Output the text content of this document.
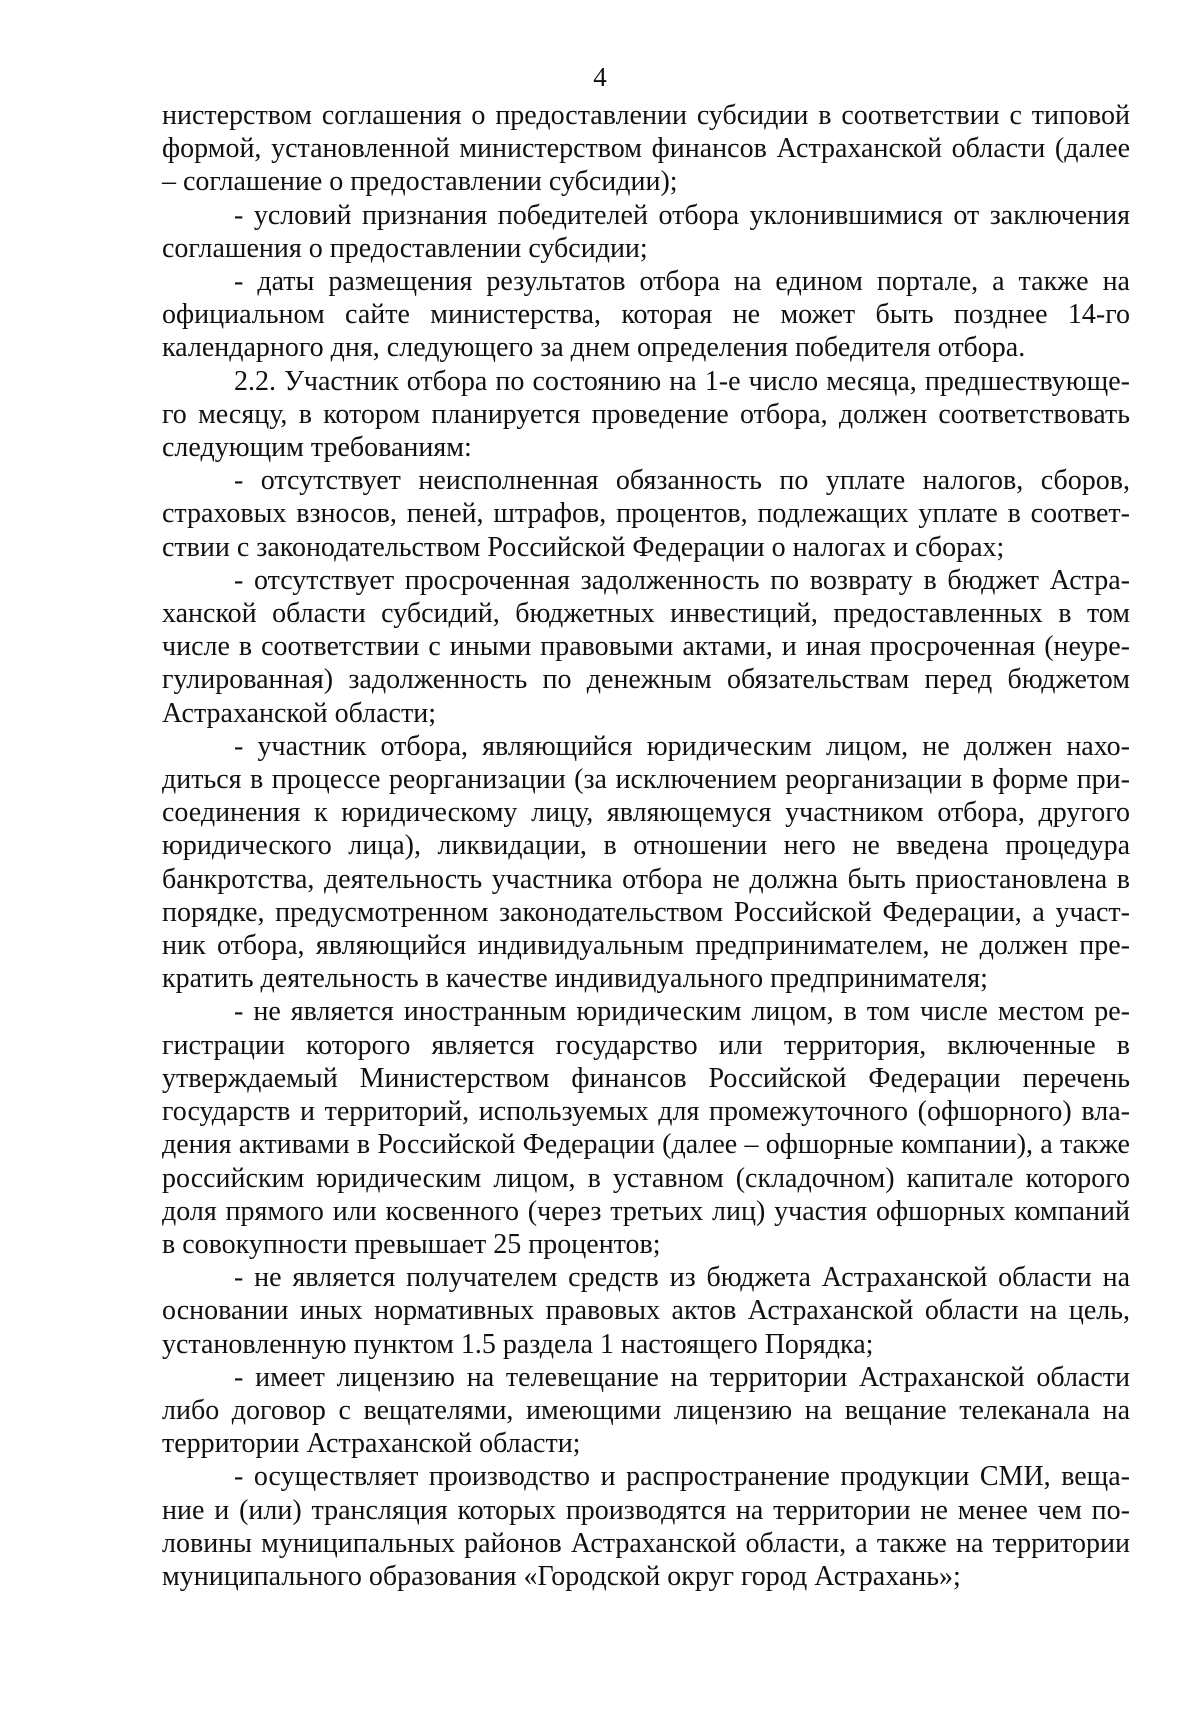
4

нистерством соглашения о предоставлении субсидии в соответствии с типовой формой, установленной министерством финансов Астраханской области (далее – соглашение о предоставлении субсидии);

- условий признания победителей отбора уклонившимися от заключения соглашения о предоставлении субсидии;

- даты размещения результатов отбора на едином портале, а также на официальном сайте министерства, которая не может быть позднее 14-го календарного дня, следующего за днем определения победителя отбора.

2.2. Участник отбора по состоянию на 1-е число месяца, предшествующего месяцу, в котором планируется проведение отбора, должен соответствовать следующим требованиям:

- отсутствует неисполненная обязанность по уплате налогов, сборов, страховых взносов, пеней, штрафов, процентов, подлежащих уплате в соответствии с законодательством Российской Федерации о налогах и сборах;

- отсутствует просроченная задолженность по возврату в бюджет Астраханской области субсидий, бюджетных инвестиций, предоставленных в том числе в соответствии с иными правовыми актами, и иная просроченная (неурегулированная) задолженность по денежным обязательствам перед бюджетом Астраханской области;

- участник отбора, являющийся юридическим лицом, не должен находиться в процессе реорганизации (за исключением реорганизации в форме присоединения к юридическому лицу, являющемуся участником отбора, другого юридического лица), ликвидации, в отношении него не введена процедура банкротства, деятельность участника отбора не должна быть приостановлена в порядке, предусмотренном законодательством Российской Федерации, а участник отбора, являющийся индивидуальным предпринимателем, не должен прекратить деятельность в качестве индивидуального предпринимателя;

- не является иностранным юридическим лицом, в том числе местом регистрации которого является государство или территория, включенные в утверждаемый Министерством финансов Российской Федерации перечень государств и территорий, используемых для промежуточного (офшорного) владения активами в Российской Федерации (далее – офшорные компании), а также российским юридическим лицом, в уставном (складочном) капитале которого доля прямого или косвенного (через третьих лиц) участия офшорных компаний в совокупности превышает 25 процентов;

- не является получателем средств из бюджета Астраханской области на основании иных нормативных правовых актов Астраханской области на цель, установленную пунктом 1.5 раздела 1 настоящего Порядка;

- имеет лицензию на телевещание на территории Астраханской области либо договор с вещателями, имеющими лицензию на вещание телеканала на территории Астраханской области;

- осуществляет производство и распространение продукции СМИ, вещание и (или) трансляция которых производятся на территории не менее чем половины муниципальных районов Астраханской области, а также на территории муниципального образования «Городской округ город Астрахань»;
